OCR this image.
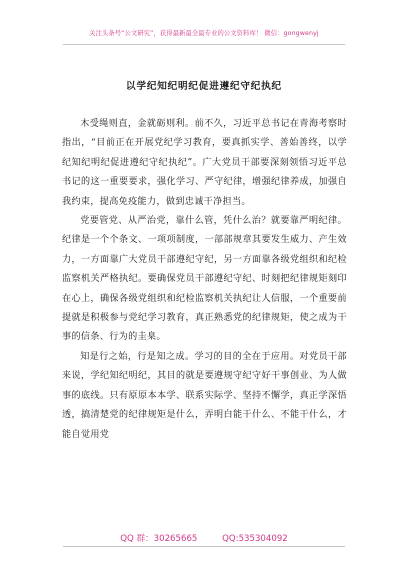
关注头条号“公文研究”，获得最新最全最专业的公文资料库！ 微信：gongwenyj
以学纪知纪明纪促进遵纪守纪执纪

木受绳则直，金就砺则利。前不久，习近平总书记在青海考察时指出，“目前正在开展党纪学习教育，要真抓实学、善始善终，以学纪知纪明纪促进遵纪守纪执纪”。广大党员干部要深刻领悟习近平总书记的这一重要要求，强化学习、严守纪律，增强纪律养成，加强自我约束，提高免疫能力，做到忠诚干净担当。

党要管党、从严治党，靠什么管，凭什么治？就要靠严明纪律。纪律是一个个条文、一项项制度，一部部规章其要发生威力、产生效力，一方面靠广大党员干部遵纪守纪，另一方面靠各级党组织和纪检监察机关严格执纪。要确保党员干部遵纪守纪、时刻把纪律规矩刻印在心上，确保各级党组织和纪检监察机关执纪让人信服，一个重要前提就是积极参与党纪学习教育，真正熟悉党的纪律规矩，使之成为干事的信条、行为的圭臬。

知是行之始，行是知之成。学习的目的全在于应用。对党员干部来说，学纪知纪明纪，其目的就是要遵规守纪守好干事创业、为人做事的底线。只有原原本本学、联系实际学、坚持不懈学，真正学深悟透，搞清楚党的纪律规矩是什么，弄明白能干什么、不能干什么，才能自觉用党

QQ 群：30265665	QQ:535304092
